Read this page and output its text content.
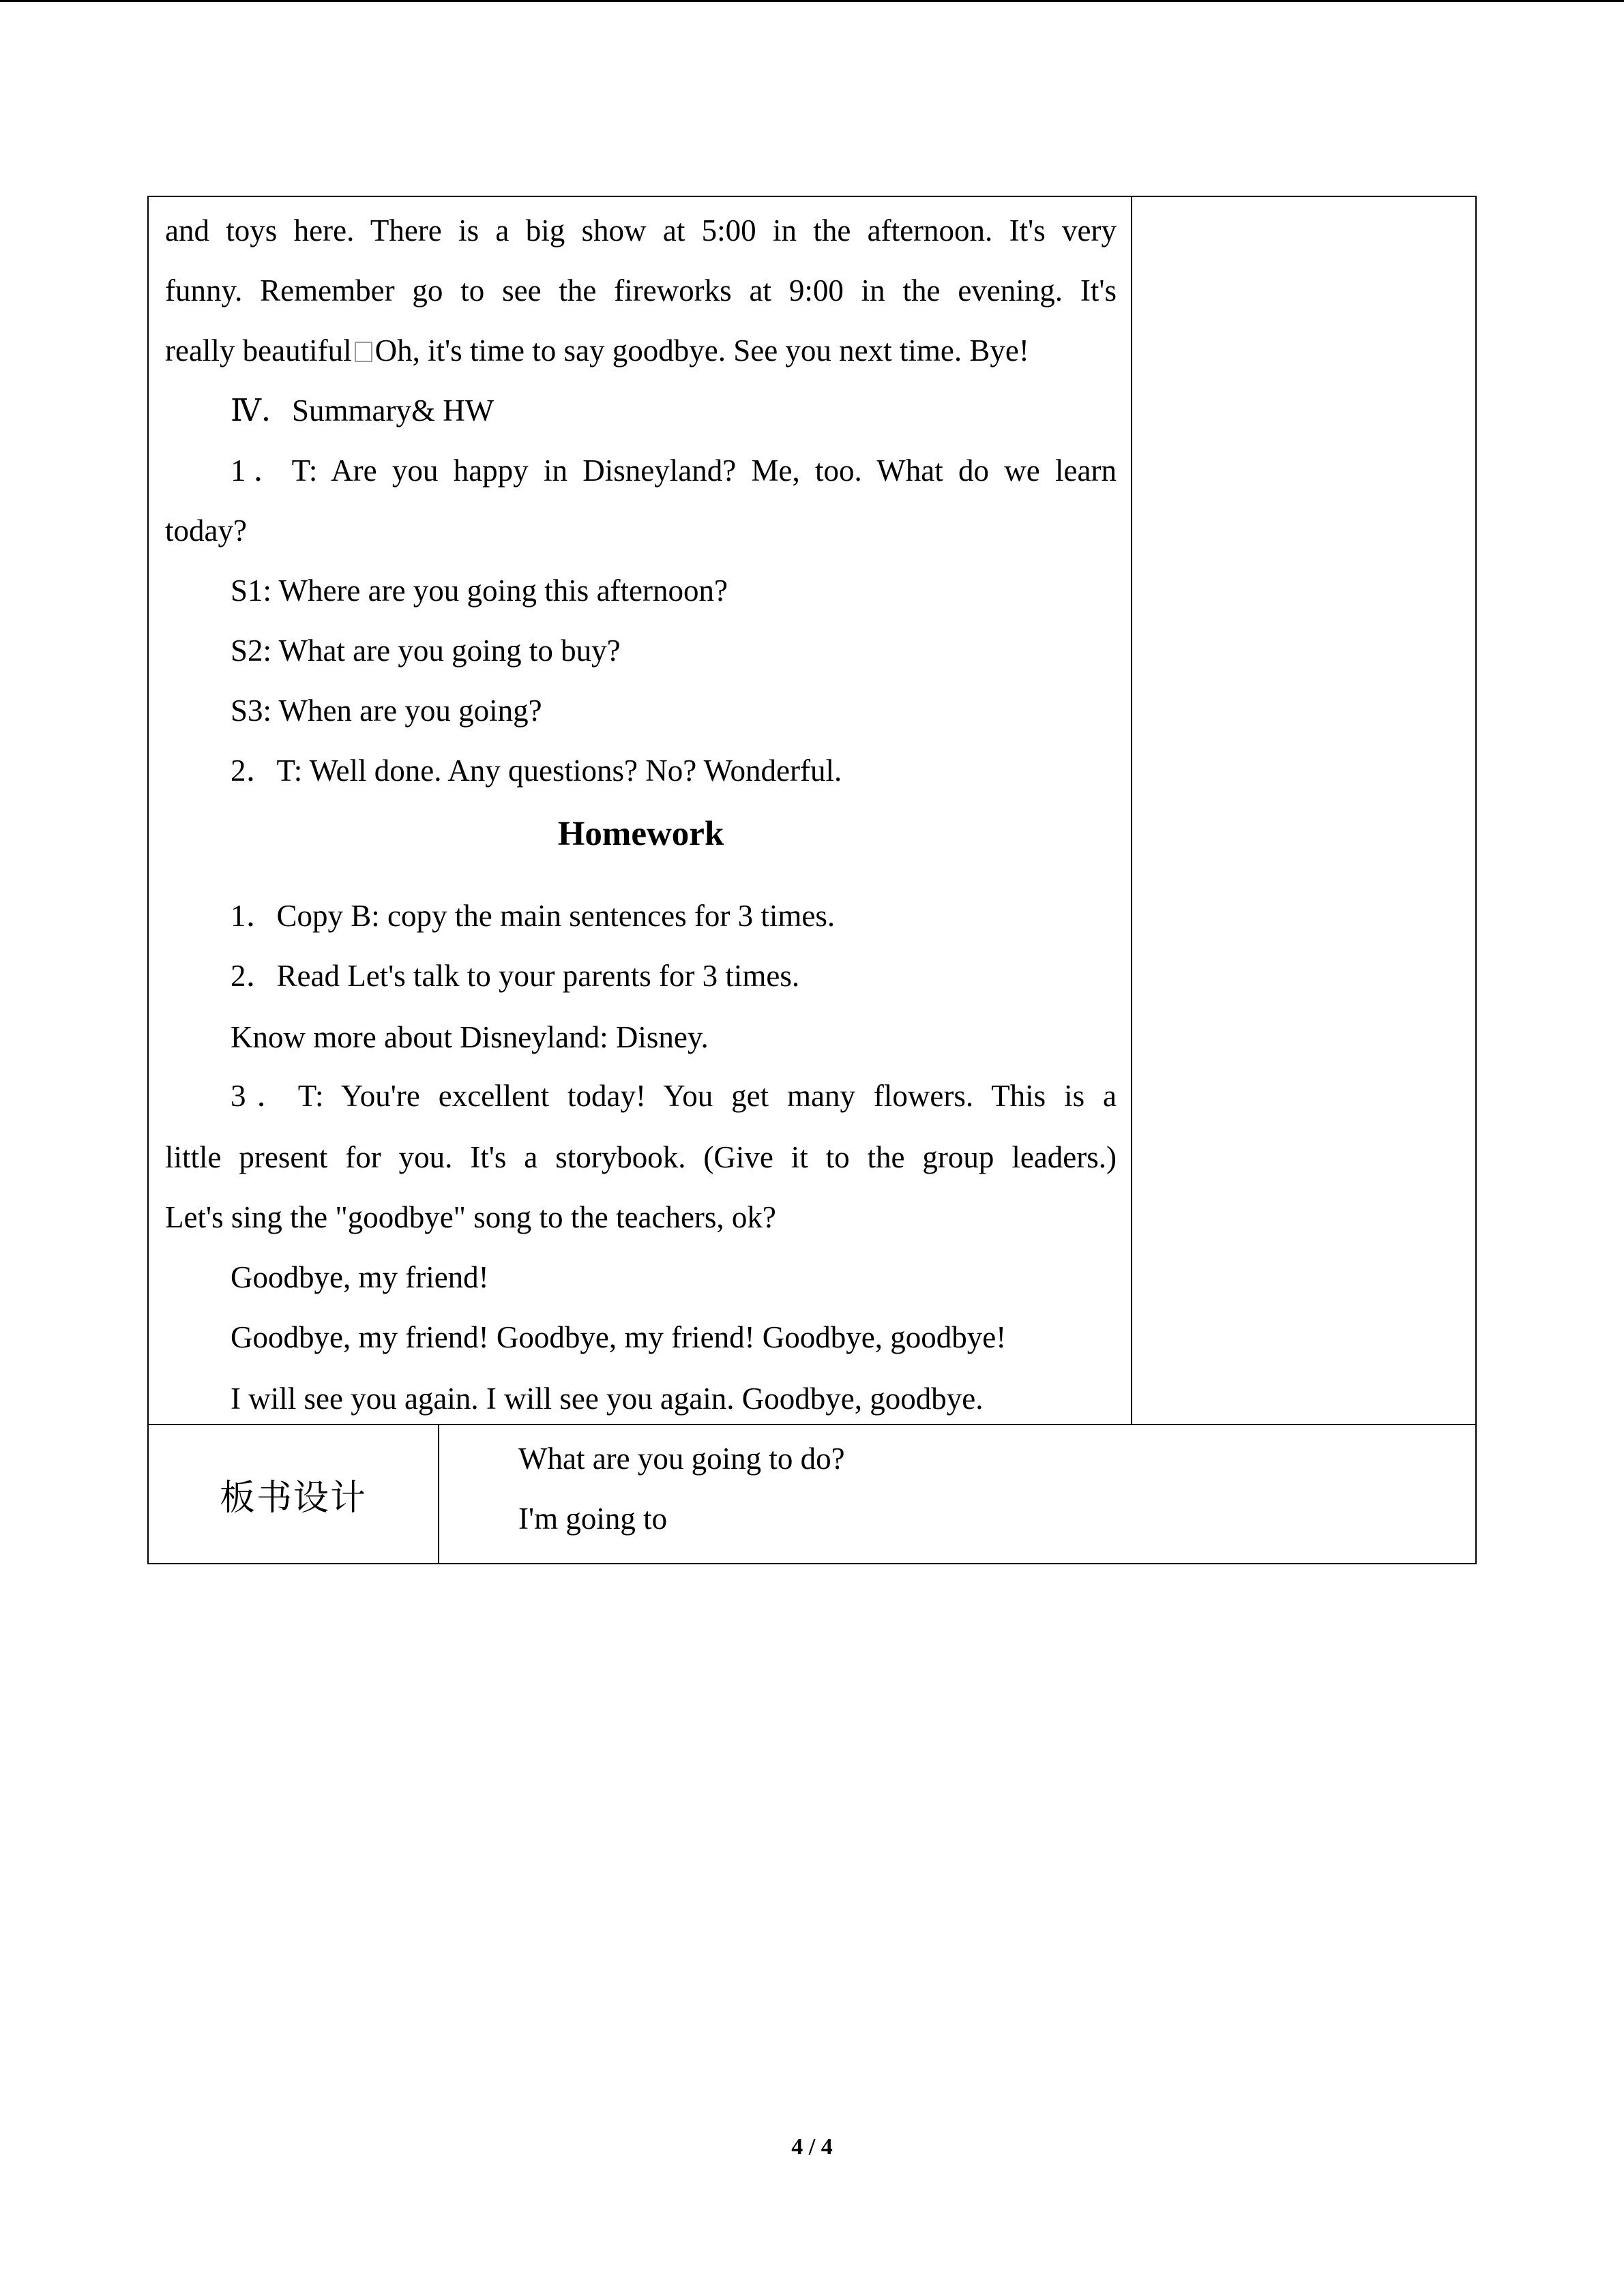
and toys here. There is a big show at 5:00 in the afternoon. It's very
funny. Remember go to see the fireworks at 9:00 in the evening. It's
really beautiful Oh, it's time to say goodbye. See you next time. Bye!
Ⅳ．Summary& HW
1．T: Are you happy in Disneyland? Me, too. What do we learn
today?
S1: Where are you going this afternoon?
S2: What are you going to buy?
S3: When are you going?
2．T: Well done. Any questions? No? Wonderful.
Homework
1．Copy B: copy the main sentences for 3 times.
2．Read Let's talk to your parents for 3 times.
Know more about Disneyland: Disney.
3．T: You're excellent today! You get many flowers. This is a
little present for you. It's a storybook. (Give it to the group leaders.)
Let's sing the "goodbye" song to the teachers, ok?
Goodbye, my friend!
Goodbye, my friend! Goodbye, my friend! Goodbye, goodbye!
I will see you again. I will see you again. Goodbye, goodbye.
板书设计
What are you going to do?
I'm going to
4 / 4
